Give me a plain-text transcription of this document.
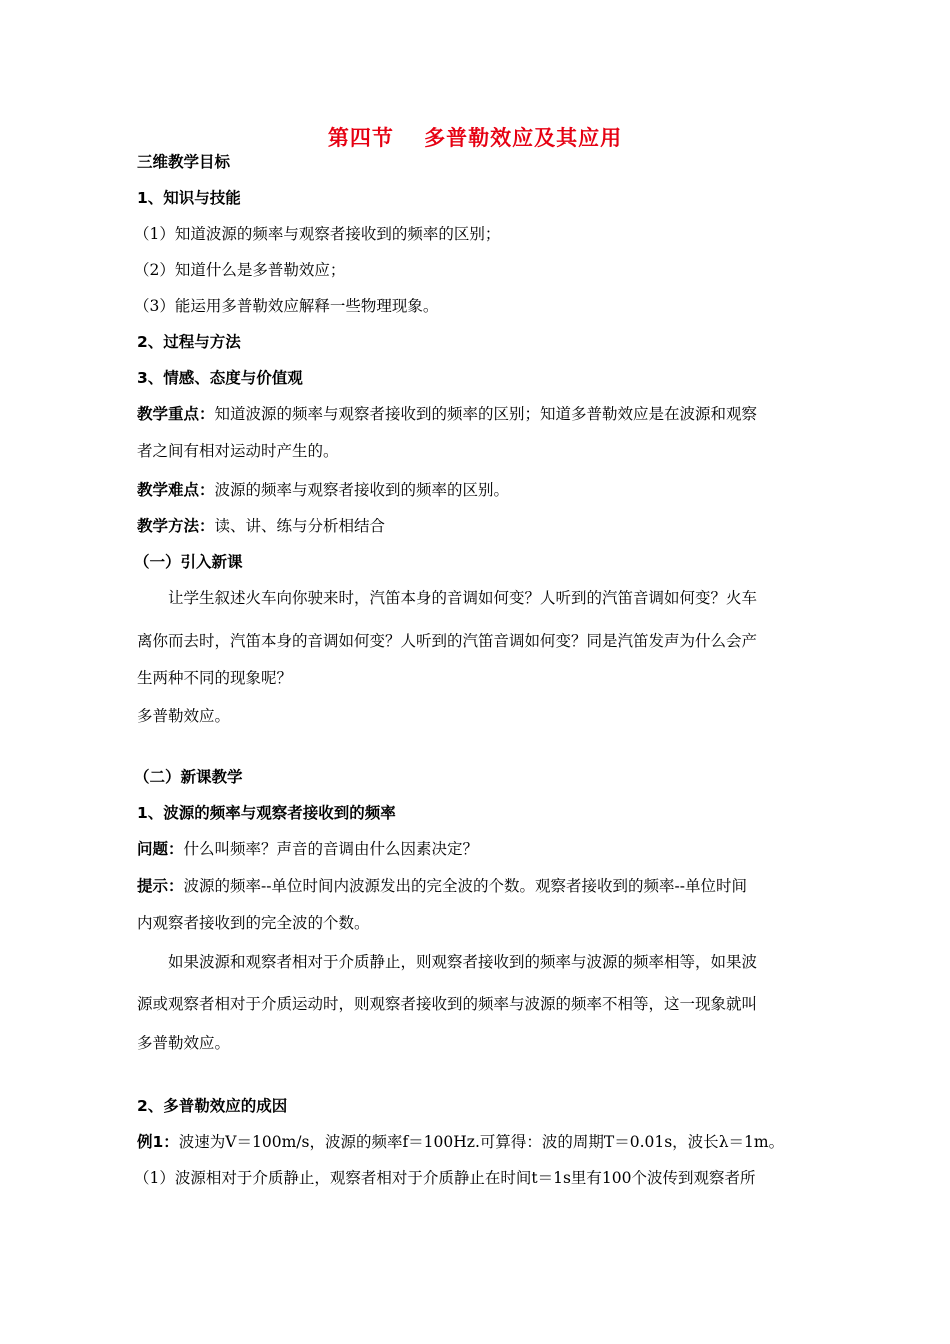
第四节　 多普勒效应及其应用
三维教学目标
1、知识与技能
（1）知道波源的频率与观察者接收到的频率的区别；
（2）知道什么是多普勒效应；
（3）能运用多普勒效应解释一些物理现象。
2、过程与方法
3、情感、态度与价值观
教学重点：知道波源的频率与观察者接收到的频率的区别；知道多普勒效应是在波源和观察
者之间有相对运动时产生的。
教学难点：波源的频率与观察者接收到的频率的区别。
教学方法：读、讲、练与分析相结合
（一）引入新课
让学生叙述火车向你驶来时，汽笛本身的音调如何变？人听到的汽笛音调如何变？火车
离你而去时，汽笛本身的音调如何变？人听到的汽笛音调如何变？同是汽笛发声为什么会产
生两种不同的现象呢？
多普勒效应。
（二）新课教学
1、波源的频率与观察者接收到的频率
问题：什么叫频率？声音的音调由什么因素决定？
提示：波源的频率--单位时间内波源发出的完全波的个数。观察者接收到的频率--单位时间
内观察者接收到的完全波的个数。
如果波源和观察者相对于介质静止，则观察者接收到的频率与波源的频率相等，如果波
源或观察者相对于介质运动时，则观察者接收到的频率与波源的频率不相等，这一现象就叫
多普勒效应。
2、多普勒效应的成因
例1：波速为V＝100m/s，波源的频率f＝100Hz.可算得：波的周期T＝0.01s，波长λ＝1m。
（1）波源相对于介质静止，观察者相对于介质静止在时间t＝1s里有100个波传到观察者所
